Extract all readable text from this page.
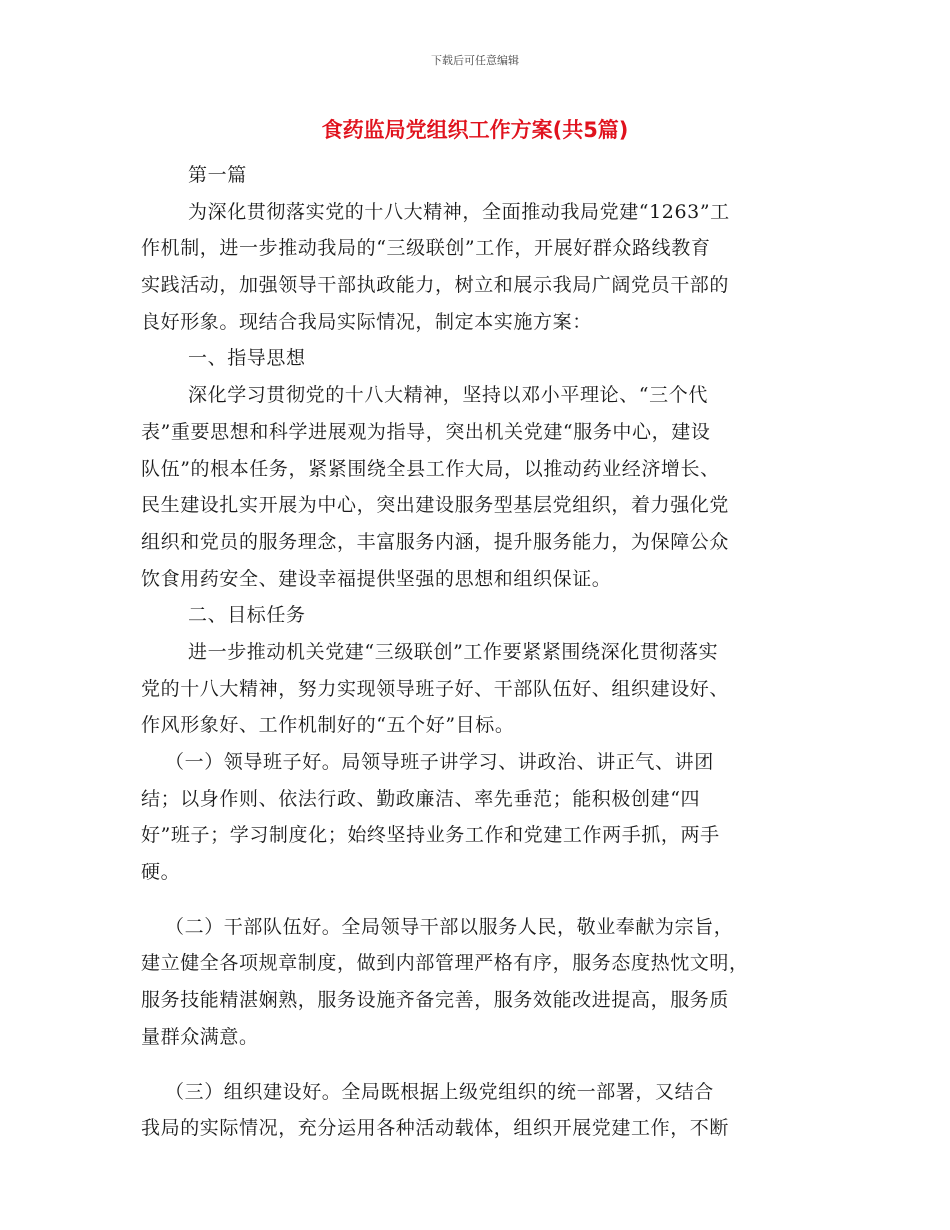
下载后可任意编辑
食药监局党组织工作方案(共5篇)
第一篇
为深化贯彻落实党的十八大精神，全面推动我局党建“1263”工
作机制，进一步推动我局的“三级联创”工作，开展好群众路线教育
实践活动，加强领导干部执政能力，树立和展示我局广阔党员干部的
良好形象。现结合我局实际情况，制定本实施方案：
一、指导思想
深化学习贯彻党的十八大精神，坚持以邓小平理论、“三个代
表”重要思想和科学进展观为指导，突出机关党建“服务中心，建设
队伍”的根本任务，紧紧围绕全县工作大局，以推动药业经济增长、
民生建设扎实开展为中心，突出建设服务型基层党组织，着力强化党
组织和党员的服务理念，丰富服务内涵，提升服务能力，为保障公众
饮食用药安全、建设幸福提供坚强的思想和组织保证。
二、目标任务
进一步推动机关党建“三级联创”工作要紧紧围绕深化贯彻落实
党的十八大精神，努力实现领导班子好、干部队伍好、组织建设好、
作风形象好、工作机制好的“五个好”目标。
（一）领导班子好。局领导班子讲学习、讲政治、讲正气、讲团
结；以身作则、依法行政、勤政廉洁、率先垂范；能积极创建“四
好”班子；学习制度化；始终坚持业务工作和党建工作两手抓，两手
硬。
（二）干部队伍好。全局领导干部以服务人民，敬业奉献为宗旨，
建立健全各项规章制度，做到内部管理严格有序，服务态度热忱文明，
服务技能精湛娴熟，服务设施齐备完善，服务效能改进提高，服务质
量群众满意。
（三）组织建设好。全局既根据上级党组织的统一部署，又结合
我局的实际情况，充分运用各种活动载体，组织开展党建工作，不断
